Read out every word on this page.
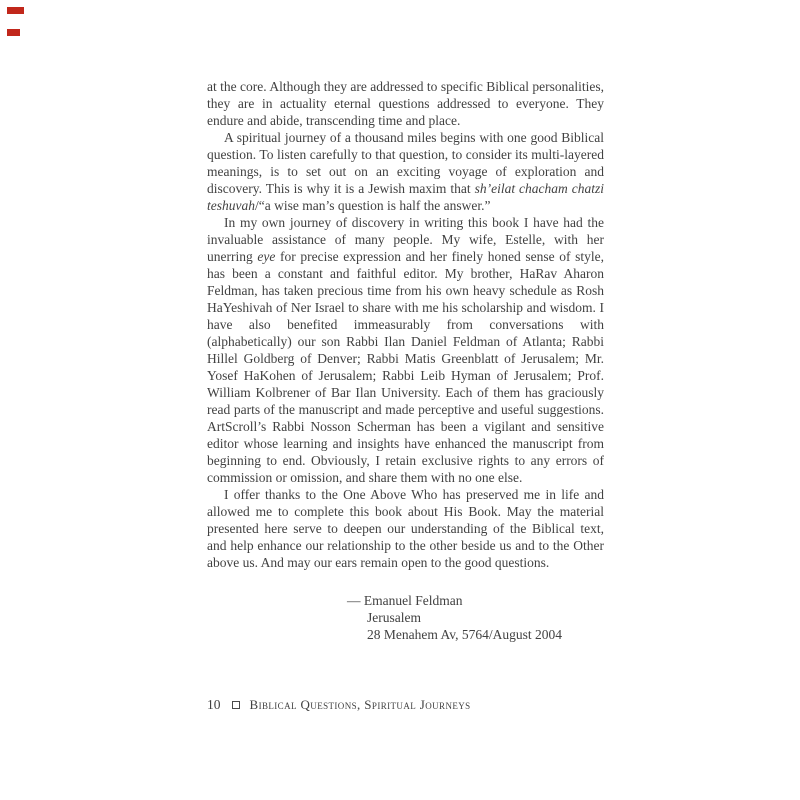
at the core. Although they are addressed to specific Biblical personalities, they are in actuality eternal questions addressed to everyone. They endure and abide, transcending time and place.

A spiritual journey of a thousand miles begins with one good Biblical question. To listen carefully to that question, to consider its multi-layered meanings, is to set out on an exciting voyage of exploration and discovery. This is why it is a Jewish maxim that sh’eilat chacham chatzi teshuvah/“a wise man’s question is half the answer.”

In my own journey of discovery in writing this book I have had the invaluable assistance of many people. My wife, Estelle, with her unerring eye for precise expression and her finely honed sense of style, has been a constant and faithful editor. My brother, HaRav Aharon Feldman, has taken precious time from his own heavy schedule as Rosh HaYeshivah of Ner Israel to share with me his scholarship and wisdom. I have also benefited immeasurably from conversations with (alphabetically) our son Rabbi Ilan Daniel Feldman of Atlanta; Rabbi Hillel Goldberg of Denver; Rabbi Matis Greenblatt of Jerusalem; Mr. Yosef HaKohen of Jerusalem; Rabbi Leib Hyman of Jerusalem; Prof. William Kolbrener of Bar Ilan University. Each of them has graciously read parts of the manuscript and made perceptive and useful suggestions. ArtScroll’s Rabbi Nosson Scherman has been a vigilant and sensitive editor whose learning and insights have enhanced the manuscript from beginning to end. Obviously, I retain exclusive rights to any errors of commission or omission, and share them with no one else.

I offer thanks to the One Above Who has preserved me in life and allowed me to complete this book about His Book. May the material presented here serve to deepen our understanding of the Biblical text, and help enhance our relationship to the other beside us and to the Other above us. And may our ears remain open to the good questions.

— Emanuel Feldman
Jerusalem
28 Menahem Av, 5764/August 2004
10 Biblical Questions, Spiritual Journeys
